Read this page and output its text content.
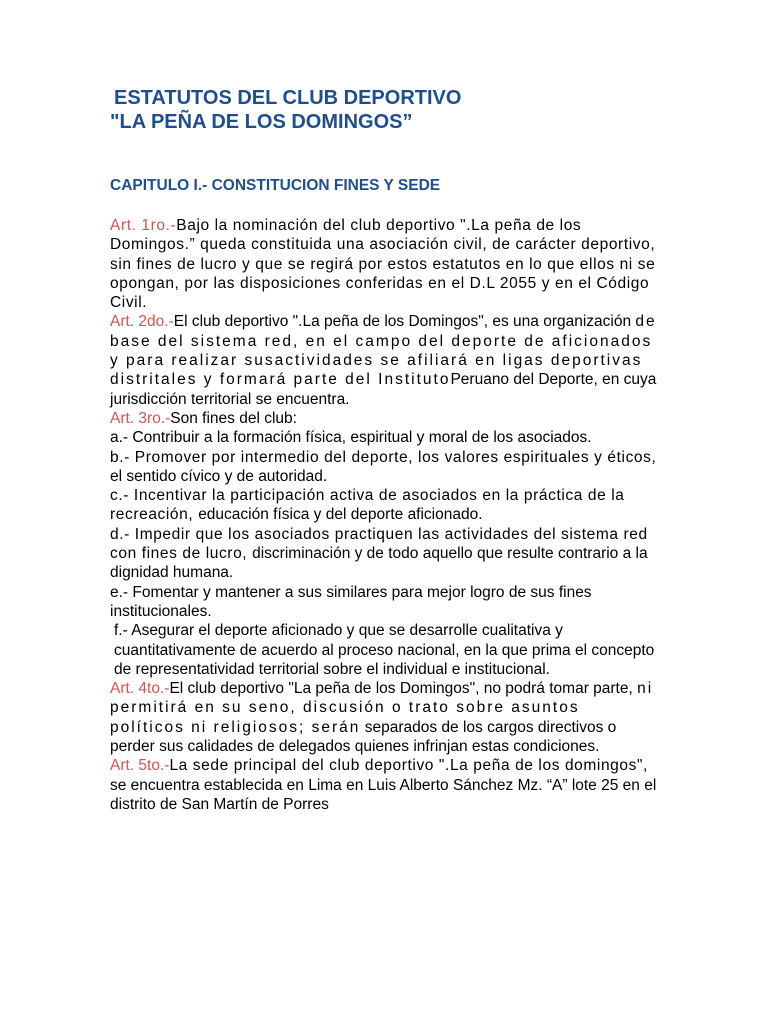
ESTATUTOS DEL CLUB DEPORTIVO
"LA PEÑA DE LOS DOMINGOS”
CAPITULO I.- CONSTITUCION FINES Y SEDE

Art. 1ro.-Bajo la nominación del club deportivo ".La peña de los Domingos.” queda constituida una asociación civil, de carácter deportivo, sin fines de lucro y que se regirá por estos estatutos en lo que ellos ni se opongan, por las disposiciones conferidas en el D.L 2055 y en el Código Civil.

Art. 2do.-El club deportivo ".La peña de los Domingos", es una organización de base del sistema red, en el campo del deporte de aficionados y para realizar susactividades se afiliará en ligas deportivas distritales y formará parte del InstitutoPeruano del Deporte, en cuya jurisdicción territorial se encuentra.

Art. 3ro.-Son fines del club:

a.- Contribuir a la formación física, espiritual y moral de los asociados.

b.- Promover por intermedio del deporte, los valores espirituales y éticos, el sentido cívico y de autoridad.

c.- Incentivar la participación activa de asociados en la práctica de la recreación, educación física y del deporte aficionado.

d.- Impedir que los asociados practiquen las actividades del sistema red con fines de lucro, discriminación y de todo aquello que resulte contrario a la dignidad humana.

e.- Fomentar y mantener a sus similares para mejor logro de sus fines institucionales.

f.- Asegurar el deporte aficionado y que se desarrolle cualitativa y cuantitativamente de acuerdo al proceso nacional, en la que prima el concepto de representatividad territorial sobre el individual e institucional.

Art. 4to.-El club deportivo "La peña de los Domingos", no podrá tomar parte, ni permitirá en su seno, discusión o trato sobre asuntos políticos ni religiosos; serán separados de los cargos directivos o perder sus calidades de delegados quienes infrinjan estas condiciones.

Art. 5to.-La sede principal del club deportivo ".La peña de los domingos", se encuentra establecida en Lima en Luis Alberto Sánchez Mz. “A” lote 25 en el distrito de San Martín de Porres
